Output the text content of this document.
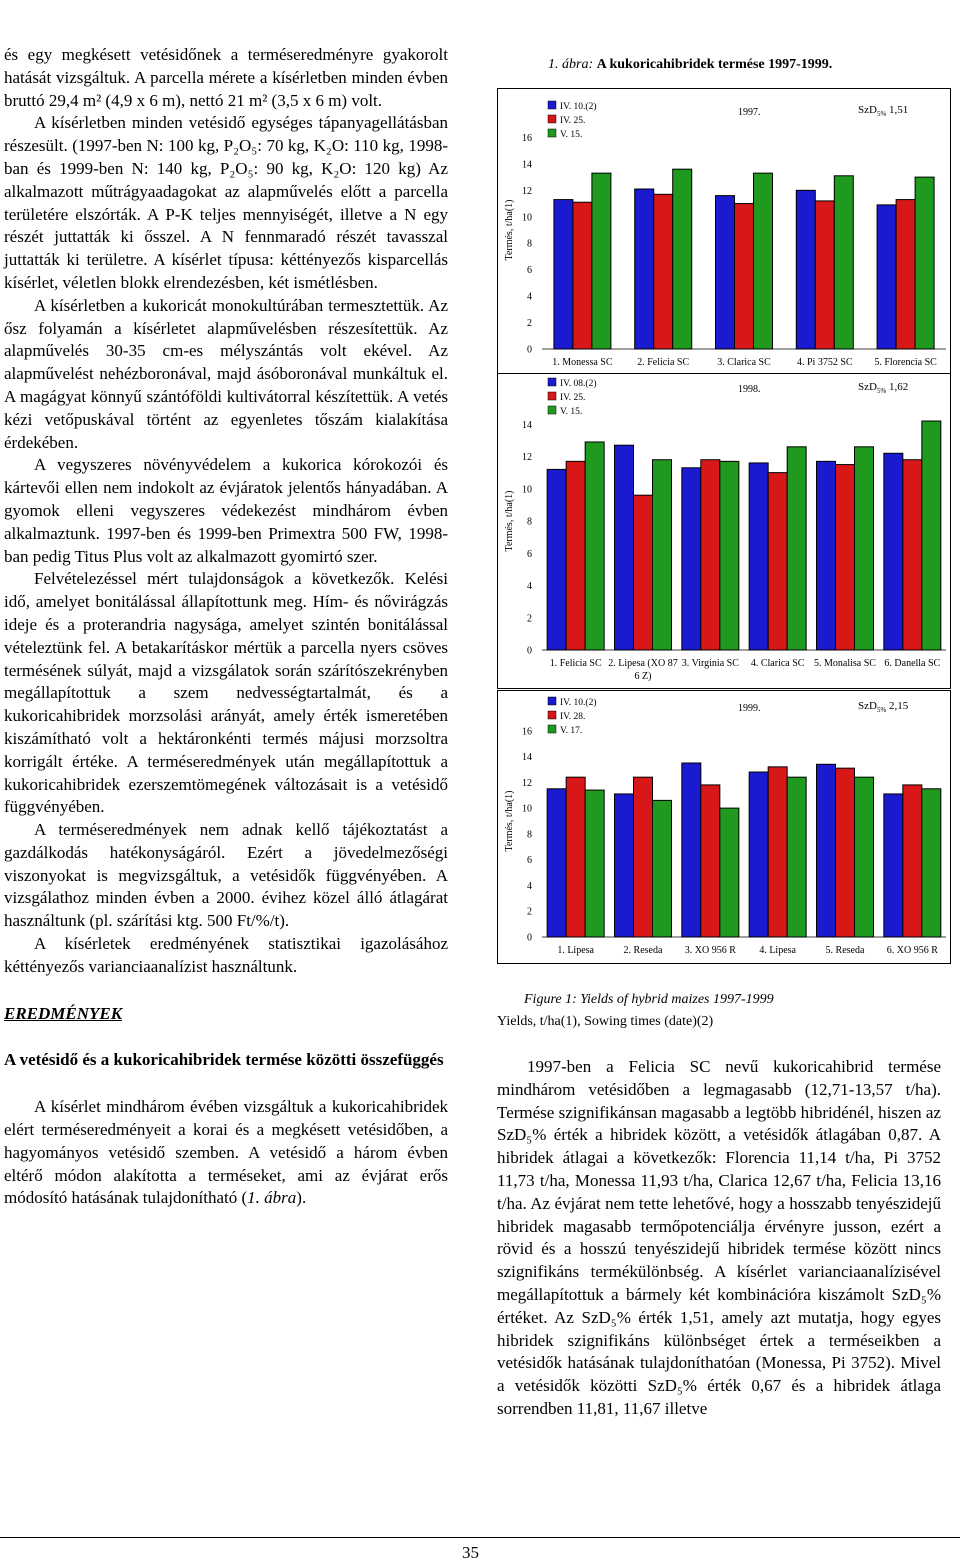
és egy megkésett vetésidőnek a terméseredményre gyakorolt hatását vizsgáltuk. A parcella mérete a kísérletben minden évben bruttó 29,4 m² (4,9 x 6 m), nettó 21 m² (3,5 x 6 m) volt.

A kísérletben minden vetésidő egységes tápanyagellátásban részesült. (1997-ben N: 100 kg, P₂O₅: 70 kg, K₂O: 110 kg, 1998-ban és 1999-ben N: 140 kg, P₂O₅: 90 kg, K₂O: 120 kg) Az alkalmazott műtrágyaadagokat az alapművelés előtt a parcella területére elszórták. A P-K teljes mennyiségét, illetve a N egy részét juttatták ki ősszel. A N fennmaradó részét tavasszal juttatták ki területre. A kísérlet típusa: kéttényezős kisparcellás kísérlet, véletlen blokk elrendezésben, két ismétlésben.

A kísérletben a kukoricát monokultúrában termesztettük. Az ősz folyamán a kísérletet alapművelésben részesítettük. Az alapművelés 30-35 cm-es mélyszántás volt ekével. Az alapművelést nehézboronával, majd ásóboronával munkáltuk el. A magágyat könnyű szántóföldi kultivátorral készítettük. A vetés kézi vetőpuskával történt az egyenletes tőszám kialakítása érdekében.

A vegyszeres növényvédelem a kukorica kórokozói és kártevői ellen nem indokolt az évjáratok jelentős hányadában. A gyomok elleni vegyszeres védekezést mindhárom évben alkalmaztunk. 1997-ben és 1999-ben Primextra 500 FW, 1998-ban pedig Titus Plus volt az alkalmazott gyomirtó szer.

Felvételezéssel mért tulajdonságok a következők. Kelési idő, amelyet bonitálással állapítottunk meg. Hím- és nővirágzás ideje és a proterandria nagysága, amelyet szintén bonitálással vételeztünk fel. A betakarításkor mértük a parcella nyers csöves termésének súlyát, majd a vizsgálatok során szárítószekrényben megállapítottuk a szem nedvességtartalmát, és a kukoricahibridek morzsolási arányát, amely érték ismeretében kiszámítható volt a hektáronkénti termés májusi morzsoltra korrigált értéke. A terméseredmények után megállapítottuk a kukoricahibridek ezerszemtömegének változásait is a vetésidő függvényében.

A terméseredmények nem adnak kellő tájékoztatást a gazdálkodás hatékonyságáról. Ezért a jövedelmezőségi viszonyokat is megvizsgáltuk, a vetésidők függvényében. A vizsgálathoz minden évben a 2000. évihez közel álló átlagárat használtunk (pl. szárítási ktg. 500 Ft/%/t).

A kísérletek eredményének statisztikai igazolásához kéttényezős varianciaanalízist használtunk.

EREDMÉNYEK
A vetésidő és a kukoricahibridek termése közötti összefüggés

A kísérlet mindhárom évében vizsgáltuk a kukoricahibridek elért terméseredményeit a korai és a megkésett vetésidőben, a hagyományos vetésidő szemben. A vetésidő a három évben eltérő módon alakította a terméseket, ami az évjárat erős módosító hatásának tulajdonítható (1. ábra).

1. ábra: A kukoricahibridek termése 1997-1999.
0
2
4
6
8
10
12
14
16
Termés, t/ha(1)
1. Monessa SC 2. Felicia SC	3. Clarica SC	4. Pi 3752 SC 5. Florencia SC
IV. 10.(2)
IV. 25.
V. 15.
1997.	SzD$_{5\%}$ 1,51
0
2
4
6
8
10
12
14
Termés, t/ha(1)
1. Felicia SC 2. Lipesa (XO 87
6 Z)
3. Virginia SC 4. Clarica SC 5. Monalisa SC 6. Danella SC
IV. 08.(2)
IV. 25.
V. 15.
1998.	SzD$_{5\%}$ 1,62
0
2
4
6
8
10
12
14
16
Termés, t/ha(1)
1. Lipesa	2. Reseda 3. XO 956 R 4. Lipesa	5. Reseda 6. XO 956 R
IV. 10.(2)
IV. 28.
V. 17.
1999.	SzD$_{5\%}$ 2,15
Figure 1: Yields of hybrid maizes 1997-1999
Yields, t/ha(1), Sowing times (date)(2)

1997-ben a Felicia SC nevű kukoricahibrid termése mindhárom vetésidőben a legmagasabb (12,71-13,57 t/ha). Termése szignifikánsan magasabb a legtöbb hibridénél, hiszen az SzD₅% érték a hibridek között, a vetésidők átlagában 0,87. A hibridek átlagai a következők: Florencia 11,14 t/ha, Pi 3752 11,73 t/ha, Monessa 11,93 t/ha, Clarica 12,67 t/ha, Felicia 13,16 t/ha. Az évjárat nem tette lehetővé, hogy a hosszabb tenyészidejű hibridek magasabb termőpotenciálja érvényre jusson, ezért a rövid és a hosszú tenyészidejű hibridek termése között nincs szignifikáns termékülönbség. A kísérlet varianciaanalízisével megállapítottuk a bármely két kombinációra kiszámolt SzD₅% értéket. Az SzD₅% érték 1,51, amely azt mutatja, hogy egyes hibridek szignifikáns különbséget értek a terméseikben a vetésidők hatásának tulajdoníthatóan (Monessa, Pi 3752). Mivel a vetésidők közötti SzD₅% érték 0,67 és a hibridek átlaga sorrendben 11,81, 11,67 illetve

35
